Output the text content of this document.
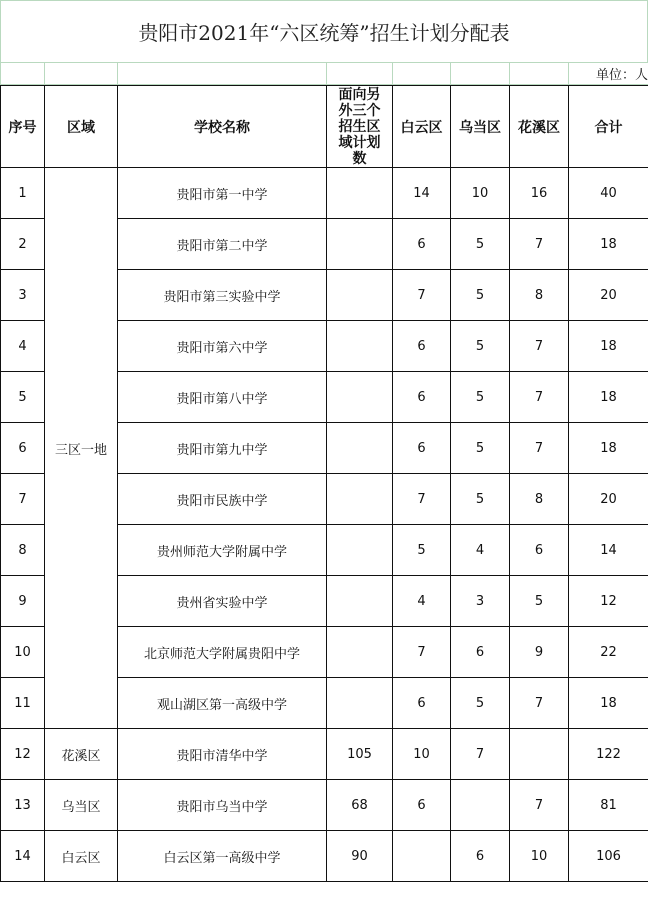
贵阳市2021年“六区统筹”招生计划分配表
							单位：人
序号	区域	学校名称	面向另外三个招生区域计划数	白云区	乌当区	花溪区	合计
1	三区一地	贵阳市第一中学		14	10	16	40
2		贵阳市第二中学		6	5	7	18
3		贵阳市第三实验中学		7	5	8	20
4		贵阳市第六中学		6	5	7	18
5		贵阳市第八中学		6	5	7	18
6		贵阳市第九中学		6	5	7	18
7		贵阳市民族中学		7	5	8	20
8		贵州师范大学附属中学		5	4	6	14
9		贵州省实验中学		4	3	5	12
10		北京师范大学附属贵阳中学		7	6	9	22
11		观山湖区第一高级中学		6	5	7	18
12	花溪区	贵阳市清华中学	105	10	7		122
13	乌当区	贵阳市乌当中学	68	6		7	81
14	白云区	白云区第一高级中学	90		6	10	106
